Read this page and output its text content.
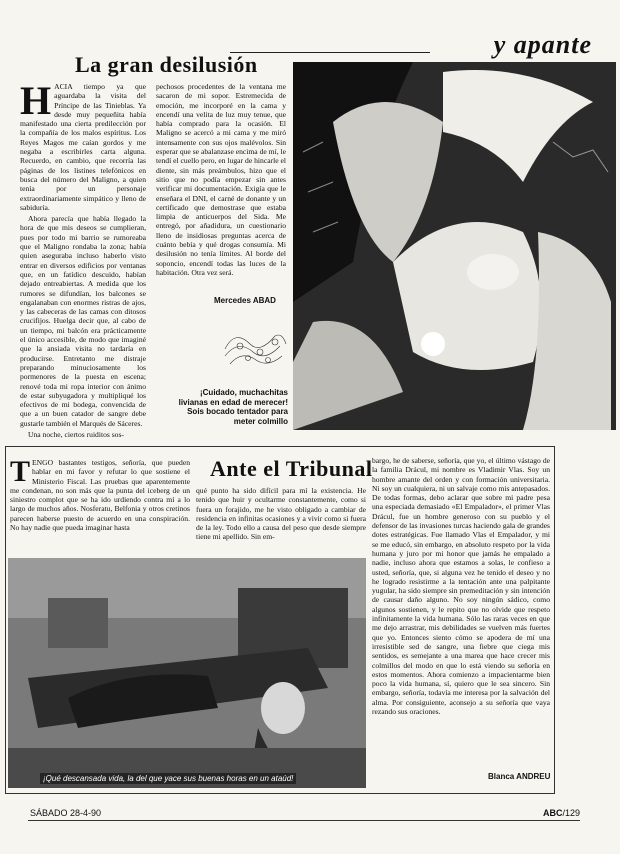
y apante
La gran desilusión

HACIA tiempo ya que aguardaba la visita del Príncipe de las Tinieblas. Ya desde muy pequeñita había manifestado una cierta predilección por la compañía de los malos espíritus. Los Reyes Magos me caían gordos y me negaba a escribirles carta alguna. Recuerdo, en cambio, que recorría las páginas de los listines telefónicos en busca del número del Maligno, a quien tenía por un personaje extraordinariamente simpático y lleno de sabiduría.

Ahora parecía que había llegado la hora de que mis deseos se cumplieran, pues por todo mi barrio se rumoreaba que el Maligno rondaba la zona; había quien aseguraba incluso haberlo visto entrar en diversos edificios por ventanas que, en un fatídico descuido, habían dejado entreabiertas. A medida que los rumores se difundían, los balcones se engalanaban con enormes ristras de ajos, y las cabeceras de las camas con ditosos crucifijos. Huelga decir que, al cabo de un tiempo, mi balcón era prácticamente el único accesible, de modo que imaginé que la ansiada visita no tardaría en producirse. Entretanto me distraje preparando minuciosamente los pormenores de la puesta en escena; renové toda mi ropa interior con ánimo de estar subyugadora y multipliqué los efectivos de mi bodega, convencida de que a un buen catador de sangre debe gustarle también el Marqués de Sáceres.

Una noche, ciertos ruiditos sos-

pechosos procedentes de la ventana me sacaron de mi sopor. Estremecida de emoción, me incorporé en la cama y encendí una velita de luz muy tenue, que había comprado para la ocasión. El Maligno se acercó a mi cama y me miró intensamente con sus ojos malévolos. Sin esperar que se abalanzase encima de mí, le tendí el cuello pero, en lugar de hincarle el diente, sin más preámbulos, hizo que el sitio que no podía empezar sin antes verificar mi documentación. Exigía que le enseñara el DNI, el carné de donante y un certificado que demostrase que estaba limpia de anticuerpos del Sida. Me entregó, por añadidura, un cuestionario lleno de insidiosas preguntas acerca de cuánto bebía y qué drogas consumía. Mi desilusión no tenía límites. Al borde del soponcio, encendí todas las luces de la habitación. Otra vez será.

Mercedes ABAD
¡Cuidado, muchachitas
livianas en edad de merecer!
Sois bocado tentador para
meter colmillo
Ante el Tribunal

TENGO bastantes testigos, señoría, que pueden hablar en mi favor y refutar lo que sostiene el Ministerio Fiscal. Las pruebas que aparentemente me condenan, no son más que la punta del iceberg de un siniestro complot que se ha ido urdiendo contra mí a lo largo de muchos años. Nosferatu, Belfonia y otros cretinos parecen haberse puesto de acuerdo en una conspiración. No hay nadie que pueda imaginar hasta

qué punto ha sido difícil para mí la existencia. He tenido que huir y ocultarme constantemente, como si fuera un forajido, me he visto obligado a cambiar de residencia en infinitas ocasiones y a vivir como si fuera de la ley. Todo ello a causa del peso que desde siempre tiene mi apellido. Sin em-

bargo, he de saberse, señoría, que yo, el último vástago de la familia Drácul, mi nombre es Vladimir Vlas. Soy un hombre amante del orden y con formación universitaria. Ni soy un cualquiera, ni un salvaje como mis antepasados. De todas formas, debo aclarar que sobre mi padre pesa una especiada demasiado «El Empalador», el primer Vlas Drácul, fue un hombre generoso con su pueblo y el defensor de las invasiones turcas haciendo gala de grandes dotes estratégicas. Fue llamado Vlas el Empalador, y mi se me educó, sin embargo, en absoluto respeto por la vida humana y juro por mi honor que jamás he empalado a nadie, incluso ahora que estamos a solas, le confieso a usted, señoría, que, si alguna vez he tenido el deseo y no he logrado resistirme a la tentación ante una palpitante yugular, ha sido siempre sin premeditación y sin intención de causar daño alguno. No soy ningún sádico, como algunos sostienen, y le repito que no olvide que respeto infinitamente la vida humana. Sólo las raras veces en que me dejo arrastrar, mis debilidades se vuelven más fuertes que yo. Entonces siento cómo se apodera de mí una irresistible sed de sangre, una fiebre que ciega mis sentidos, es semejante a una marea que hace crecer mis colmillos del modo en que lo está viendo su señoría en estos momentos. Ahora comienzo a impacientarme bien poco la vida humana, sí, quiero que le sea sincero. Sin embargo, señoría, todavía me interesa por la salvación del alma. Por consiguiente, aconsejo a su señoría que vaya rezando sus oraciones.

Blanca ANDREU
¡Qué descansada vida, la del que yace sus buenas horas en un ataúd!
SÁBADO 28-4-90	ABC/129
